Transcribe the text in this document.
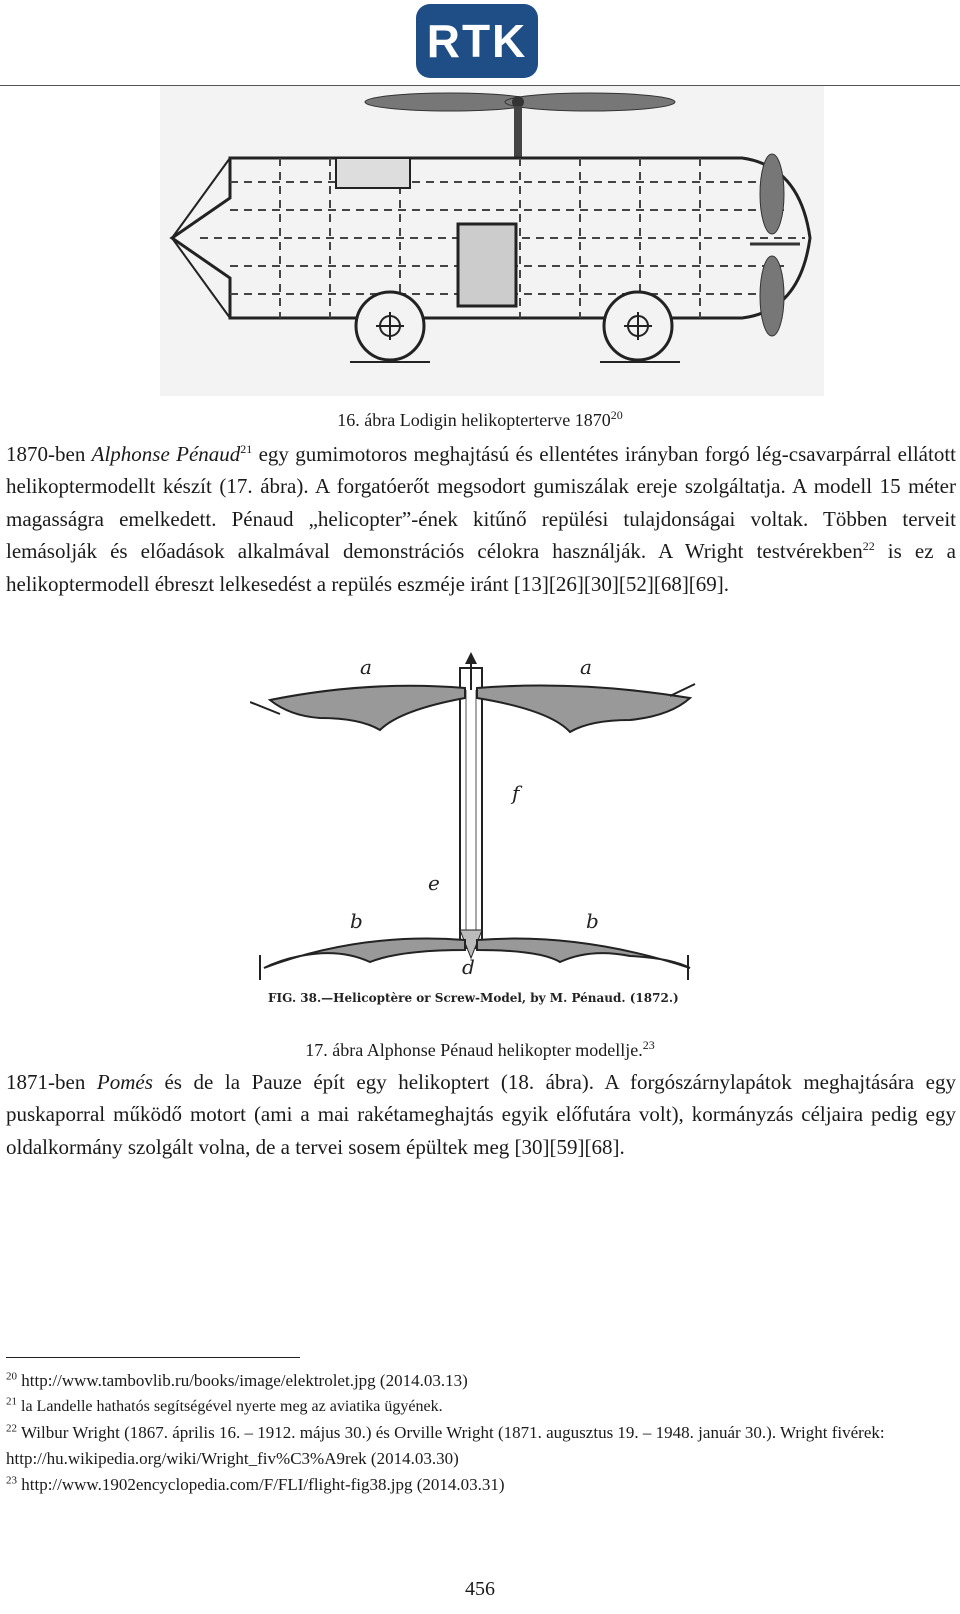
RTK
16. ábra Lodigin helikopterterve 1870$^{20}$

1870-ben Alphonse Pénaud$^{21}$ egy gumimotoros meghajtású és ellentétes irányban forgó lég-csavarpárral ellátott helikoptermodellt készít (17. ábra). A forgatóerőt megsodort gumiszálak ereje szolgáltatja. A modell 15 méter magasságra emelkedett. Pénaud „helicopter”-ének kitűnő repülési tulajdonságai voltak. Többen terveit lemásolják és előadások alkalmával demonstrációs célokra használják. A Wright testvérekben$^{22}$ is ez a helikoptermodell ébreszt lelkesedést a repülés eszméje iránt [13][26][30][52][68][69].

a	a
f
e
b	b
d
FIG. 38.—Helicoptère or Screw-Model, by M. Pénaud. (1872.)
17. ábra Alphonse Pénaud helikopter modellje.$^{23}$

1871-ben Pomés és de la Pauze épít egy helikoptert (18. ábra). A forgószárnylapátok meghajtására egy puskaporral működő motort (ami a mai rakétameghajtás egyik előfutára volt), kormányzás céljaira pedig egy oldalkormány szolgált volna, de a tervei sosem épültek meg [30][59][68].

$^{20}$ http://www.tambovlib.ru/books/image/elektrolet.jpg (2014.03.13)

$^{21}$ la Landelle hathatós segítségével nyerte meg az aviatika ügyének.

$^{22}$ Wilbur Wright (1867. április 16. – 1912. május 30.) és Orville Wright (1871. augusztus 19. – 1948. január 30.). Wright fivérek: http://hu.wikipedia.org/wiki/Wright_fiv%C3%A9rek (2014.03.30)

$^{23}$ http://www.1902encyclopedia.com/F/FLI/flight-fig38.jpg (2014.03.31)

456
